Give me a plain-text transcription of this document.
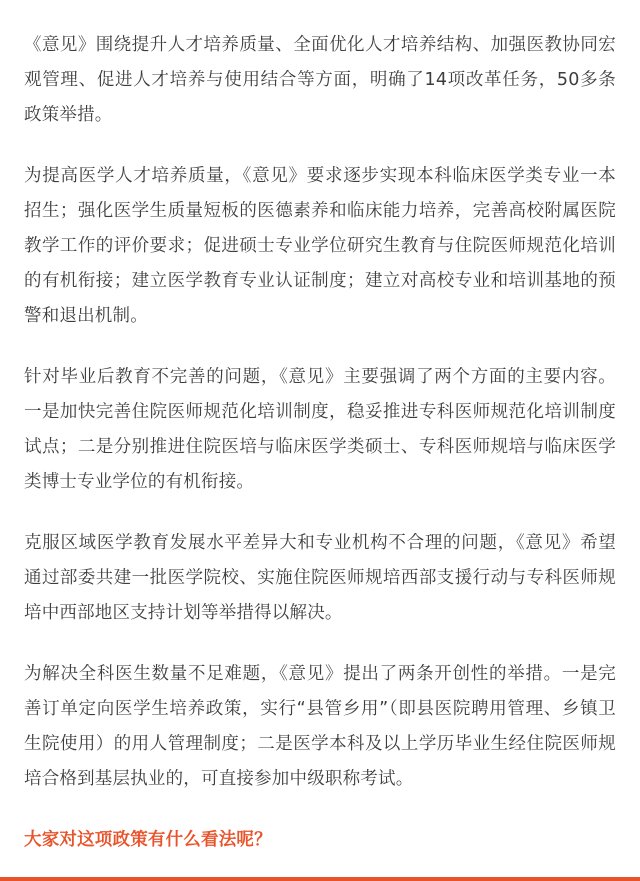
《意见》围绕提升人才培养质量、全面优化人才培养结构、加强医教协同宏观管理、促进人才培养与使用结合等方面，明确了14项改革任务，50多条政策举措。

为提高医学人才培养质量，《意见》要求逐步实现本科临床医学类专业一本招生；强化医学生质量短板的医德素养和临床能力培养，完善高校附属医院教学工作的评价要求；促进硕士专业学位研究生教育与住院医师规范化培训的有机衔接；建立医学教育专业认证制度；建立对高校专业和培训基地的预警和退出机制。

针对毕业后教育不完善的问题，《意见》主要强调了两个方面的主要内容。一是加快完善住院医师规范化培训制度，稳妥推进专科医师规范化培训制度试点；二是分别推进住院医培与临床医学类硕士、专科医师规培与临床医学类博士专业学位的有机衔接。

克服区域医学教育发展水平差异大和专业机构不合理的问题，《意见》希望通过部委共建一批医学院校、实施住院医师规培西部支援行动与专科医师规培中西部地区支持计划等举措得以解决。

为解决全科医生数量不足难题，《意见》提出了两条开创性的举措。一是完善订单定向医学生培养政策，实行“县管乡用”（即县医院聘用管理、乡镇卫生院使用）的用人管理制度；二是医学本科及以上学历毕业生经住院医师规培合格到基层执业的，可直接参加中级职称考试。

大家对这项政策有什么看法呢？
